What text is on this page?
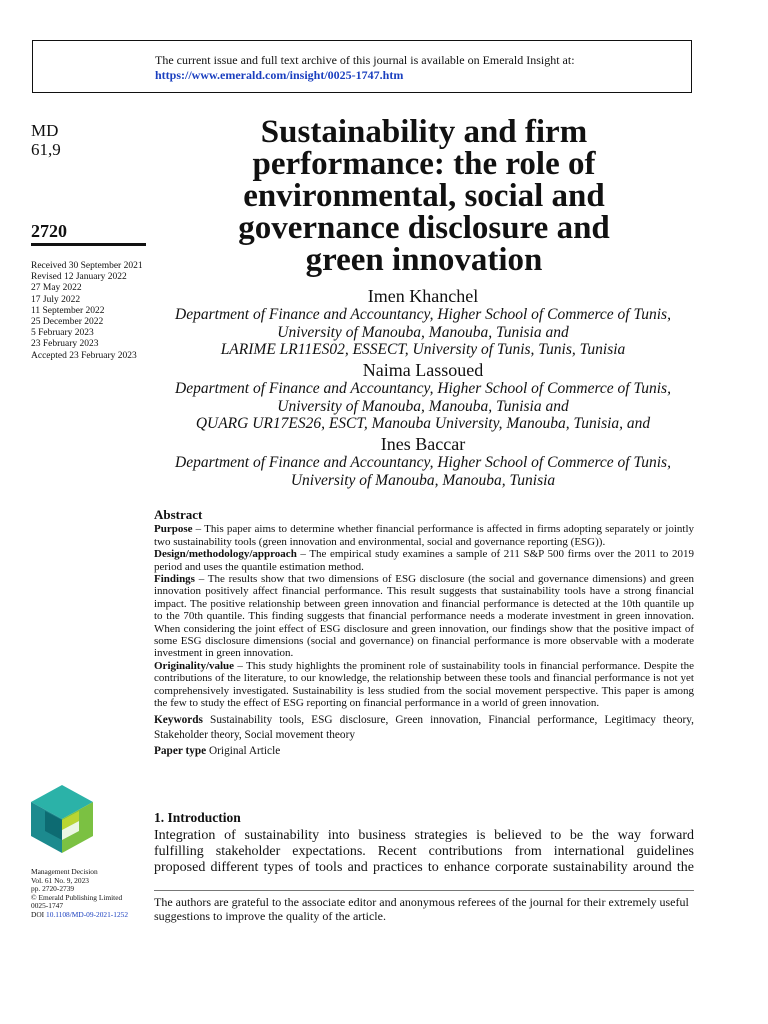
The current issue and full text archive of this journal is available on Emerald Insight at:
https://www.emerald.com/insight/0025-1747.htm
MD
61,9
2720
Received 30 September 2021
Revised 12 January 2022
27 May 2022
17 July 2022
11 September 2022
25 December 2022
5 February 2023
23 February 2023
Accepted 23 February 2023
Sustainability and firm
performance: the role of
environmental, social and
governance disclosure and
green innovation
Imen Khanchel
Department of Finance and Accountancy, Higher School of Commerce of Tunis,
University of Manouba, Manouba, Tunisia and
LARIME LR11ES02, ESSECT, University of Tunis, Tunis, Tunisia
Naima Lassoued
Department of Finance and Accountancy, Higher School of Commerce of Tunis,
University of Manouba, Manouba, Tunisia and
QUARG UR17ES26, ESCT, Manouba University, Manouba, Tunisia, and
Ines Baccar
Department of Finance and Accountancy, Higher School of Commerce of Tunis,
University of Manouba, Manouba, Tunisia
Abstract

Purpose – This paper aims to determine whether financial performance is affected in firms adopting separately or jointly two sustainability tools (green innovation and environmental, social and governance reporting (ESG)).

Design/methodology/approach – The empirical study examines a sample of 211 S&P 500 firms over the 2011 to 2019 period and uses the quantile estimation method.

Findings – The results show that two dimensions of ESG disclosure (the social and governance dimensions) and green innovation positively affect financial performance. This result suggests that sustainability tools have a strong financial impact. The positive relationship between green innovation and financial performance is detected at the 10th quantile up to the 70th quantile. This finding suggests that financial performance needs a moderate investment in green innovation. When considering the joint effect of ESG disclosure and green innovation, our findings show that the positive impact of some ESG disclosure dimensions (social and governance) on financial performance is more observable with a moderate investment in green innovation.

Originality/value – This study highlights the prominent role of sustainability tools in financial performance. Despite the contributions of the literature, to our knowledge, the relationship between these tools and financial performance is not yet comprehensively investigated. Sustainability is less studied from the social movement perspective. This paper is among the few to study the effect of ESG reporting on financial performance in a world of green innovation.

Keywords Sustainability tools, ESG disclosure, Green innovation, Financial performance, Legitimacy theory, Stakeholder theory, Social movement theory

Paper type Original Article

Management Decision
Vol. 61 No. 9, 2023
pp. 2720-2739
© Emerald Publishing Limited
0025-1747
DOI 10.1108/MD-09-2021-1252
1. Introduction

Integration of sustainability into business strategies is believed to be the way forward
fulfilling stakeholder expectations. Recent contributions from international guidelines
proposed different types of tools and practices to enhance corporate sustainability around the

The authors are grateful to the associate editor and anonymous referees of the journal for their extremely useful suggestions to improve the quality of the article.
